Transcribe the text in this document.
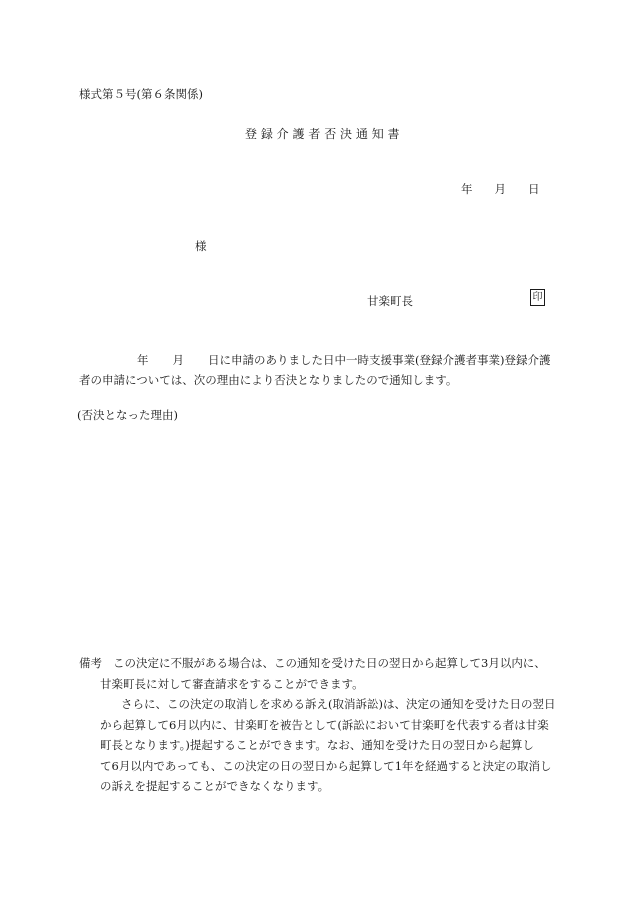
様式第５号(第６条関係)
登録介護者否決通知書
年 月 日
様
甘楽町長	印
年 月 日に申請のありました日中一時支援事業(登録介護者事業)登録介護者の申請については、次の理由により否決となりましたので通知します。
(否決となった理由)
備考 この決定に不服がある場合は、この通知を受けた日の翌日から起算して3月以内に、
甘楽町長に対して審査請求をすることができます。
さらに、この決定の取消しを求める訴え(取消訴訟)は、決定の通知を受けた日の翌日
から起算して6月以内に、甘楽町を被告として(訴訟において甘楽町を代表する者は甘楽
町長となります。)提起することができます。なお、通知を受けた日の翌日から起算し
て6月以内であっても、この決定の日の翌日から起算して1年を経過すると決定の取消し
の訴えを提起することができなくなります。
